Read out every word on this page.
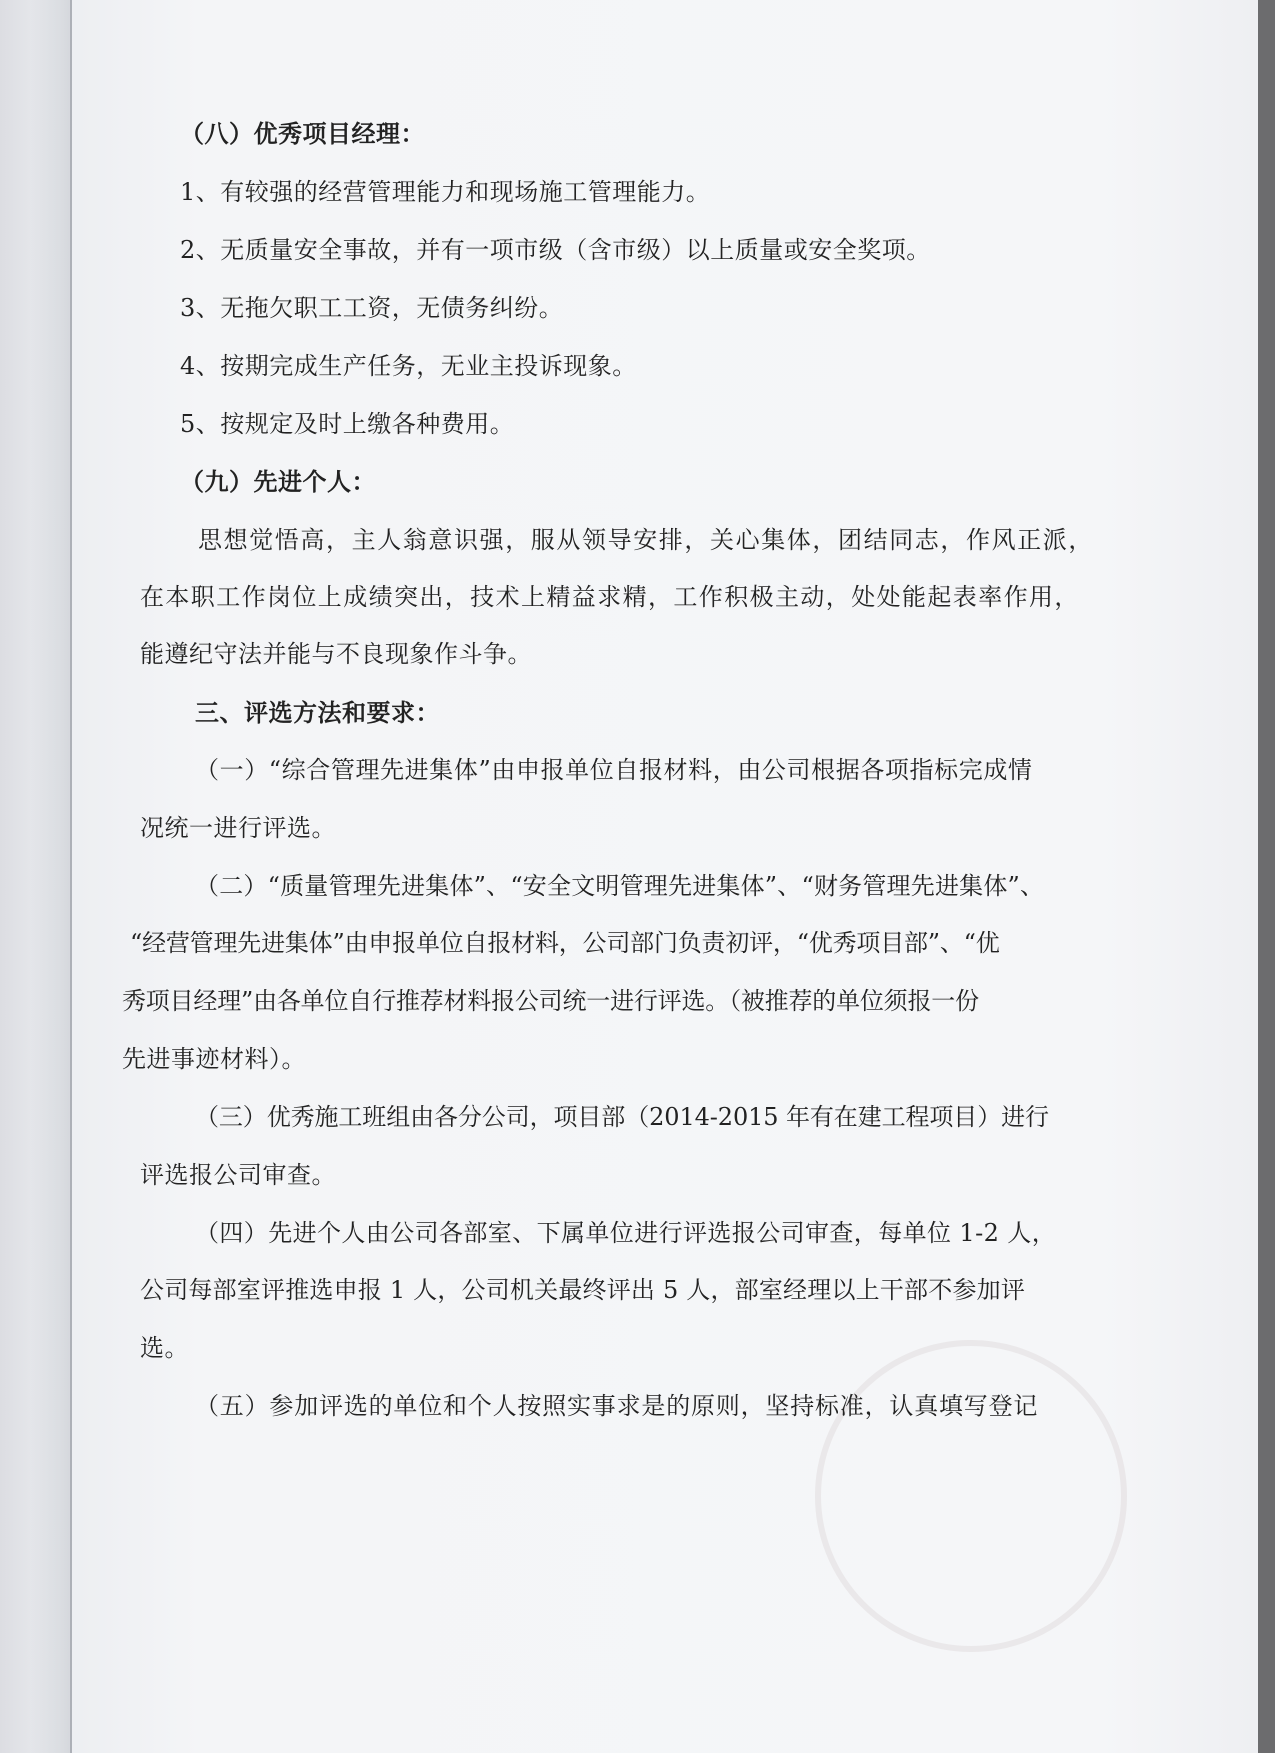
（八）优秀项目经理：

1、有较强的经营管理能力和现场施工管理能力。

2、无质量安全事故，并有一项市级（含市级）以上质量或安全奖项。

3、无拖欠职工工资，无债务纠纷。

4、按期完成生产任务，无业主投诉现象。

5、按规定及时上缴各种费用。

（九）先进个人：

思想觉悟高，主人翁意识强，服从领导安排，关心集体，团结同志，作风正派，

在本职工作岗位上成绩突出，技术上精益求精，工作积极主动，处处能起表率作用，

能遵纪守法并能与不良现象作斗争。

三、评选方法和要求：

（一）“综合管理先进集体”由申报单位自报材料，由公司根据各项指标完成情

况统一进行评选。

（二）“质量管理先进集体”、“安全文明管理先进集体”、“财务管理先进集体”、

“经营管理先进集体”由申报单位自报材料，公司部门负责初评，“优秀项目部”、“优

秀项目经理”由各单位自行推荐材料报公司统一进行评选。（被推荐的单位须报一份

先进事迹材料）。

（三）优秀施工班组由各分公司，项目部（2014-2015 年有在建工程项目）进行

评选报公司审查。

（四）先进个人由公司各部室、下属单位进行评选报公司审查，每单位 1-2 人，

公司每部室评推选申报 1 人，公司机关最终评出 5 人，部室经理以上干部不参加评

选。

（五）参加评选的单位和个人按照实事求是的原则，坚持标准，认真填写登记
